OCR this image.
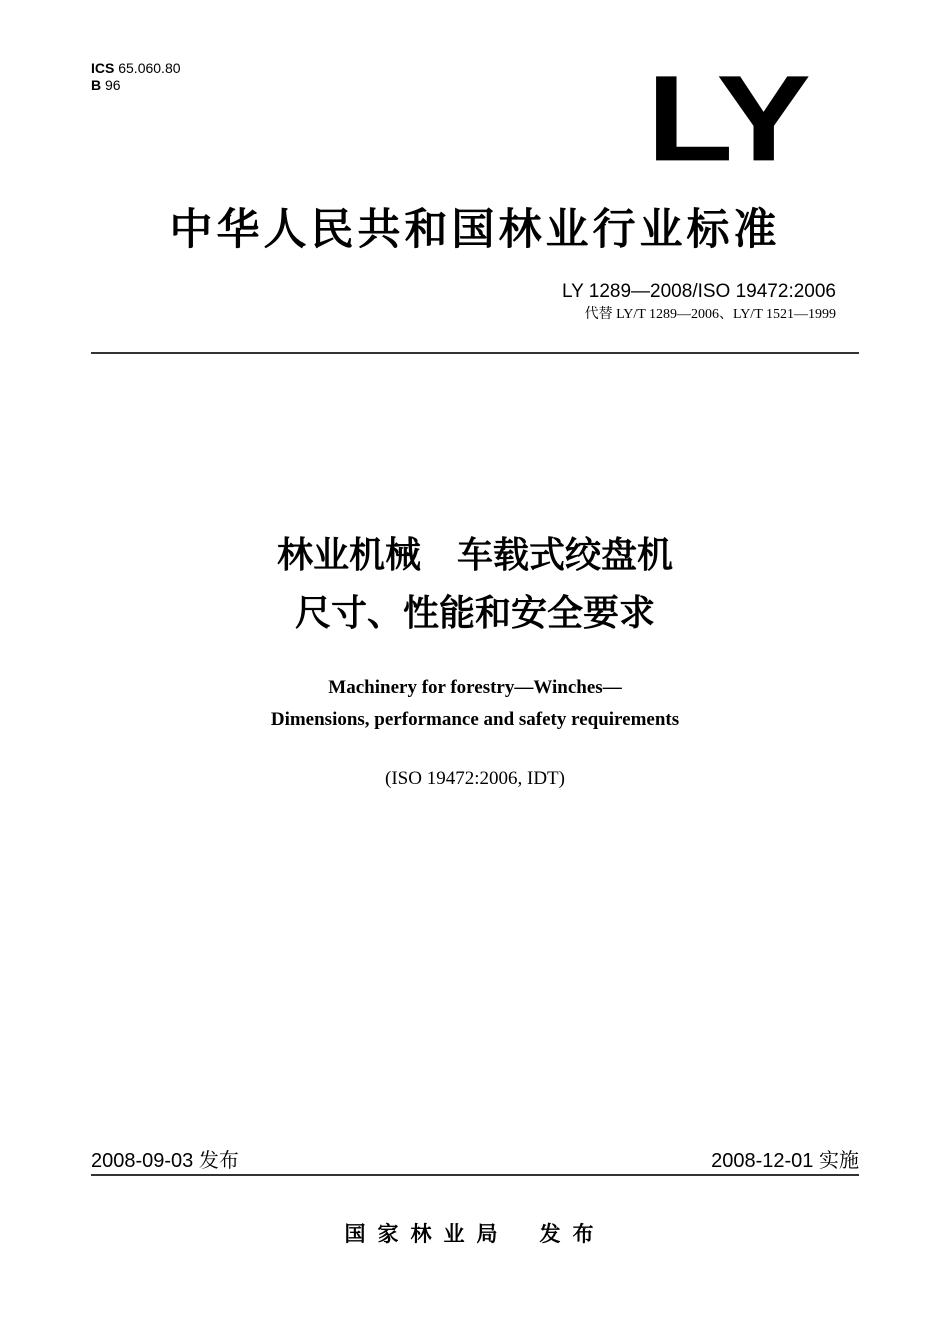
ICS 65.060.80
B 96	LY
中华人民共和国林业行业标准
LY 1289—2008/ISO 19472:2006
代替 LY/T 1289—2006、LY/T 1521—1999
林业机械　车载式绞盘机
尺寸、性能和安全要求
Machinery for forestry—Winches—
Dimensions, performance and safety requirements
(ISO 19472:2006, IDT)
2008-09-03 发布	2008-12-01 实施
国家林业局 发布
